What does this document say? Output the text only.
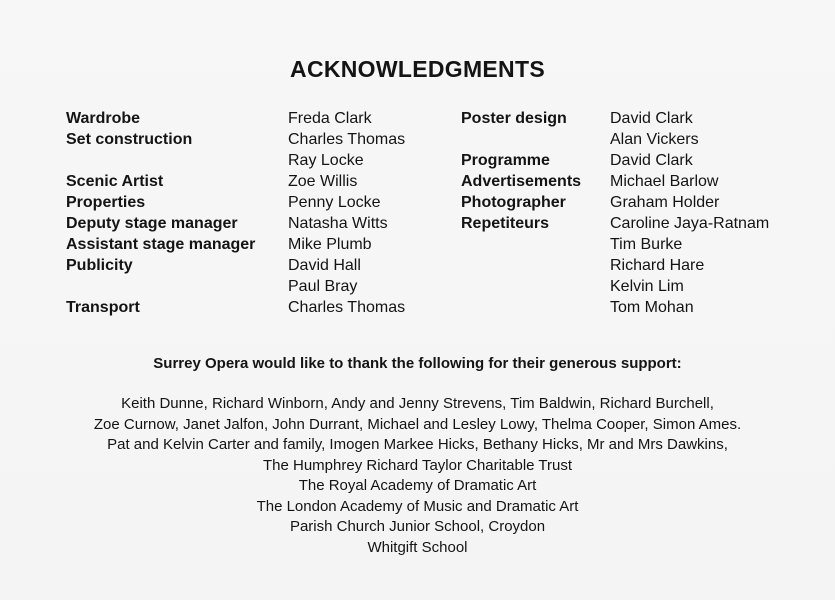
ACKNOWLEDGMENTS
Wardrobe
Set construction
Scenic Artist
Properties
Deputy stage manager
Assistant stage manager
Publicity
Transport
Freda Clark
Charles Thomas
Ray Locke
Zoe Willis
Penny Locke
Natasha Witts
Mike Plumb
David Hall
Paul Bray
Charles Thomas
Poster design
Programme
Advertisements
Photographer
Repetiteurs
David Clark
Alan Vickers
David Clark
Michael Barlow
Graham Holder
Caroline Jaya-Ratnam
Tim Burke
Richard Hare
Kelvin Lim
Tom Mohan
Surrey Opera would like to thank the following for their generous support:
Keith Dunne, Richard Winborn, Andy and Jenny Strevens, Tim Baldwin, Richard Burchell,
Zoe Curnow, Janet Jalfon, John Durrant, Michael and Lesley Lowy, Thelma Cooper, Simon Ames.
Pat and Kelvin Carter and family, Imogen Markee Hicks, Bethany Hicks, Mr and Mrs Dawkins,
The Humphrey Richard Taylor Charitable Trust
The Royal Academy of Dramatic Art
The London Academy of Music and Dramatic Art
Parish Church Junior School, Croydon
Whitgift School
